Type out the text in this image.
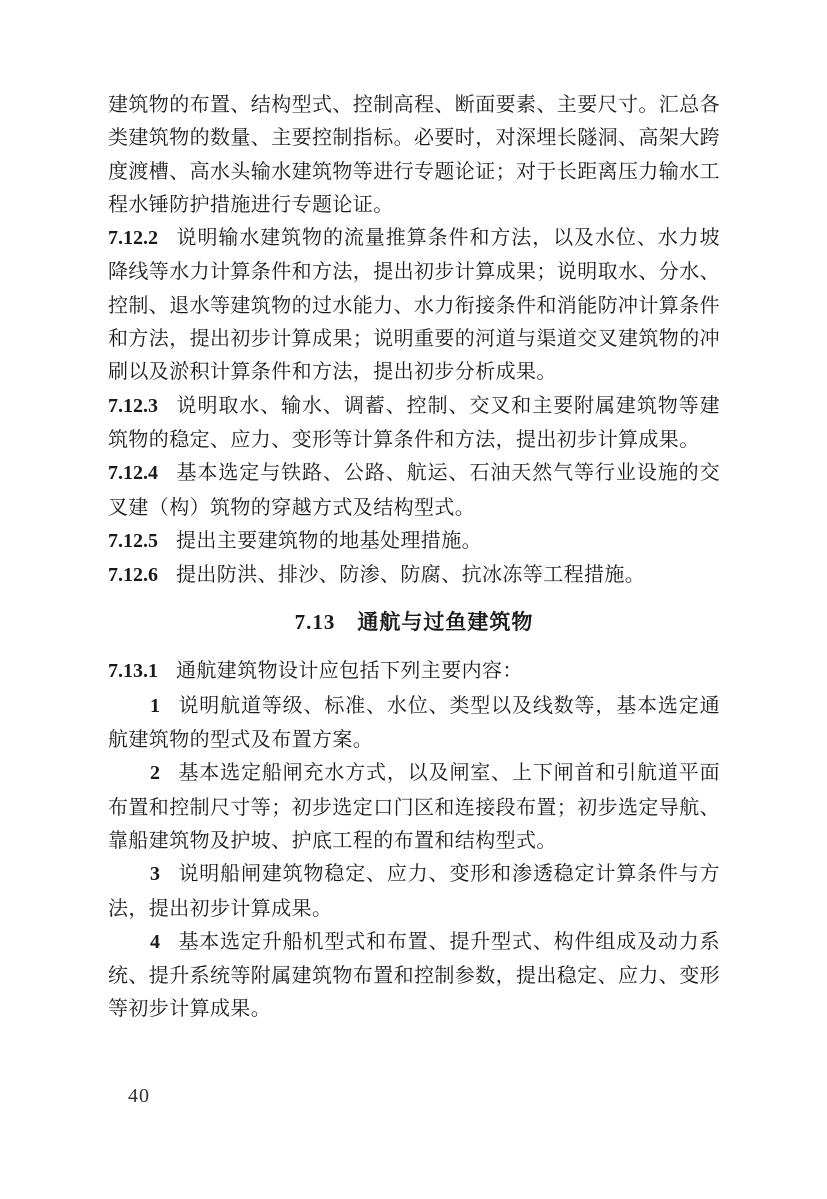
建筑物的布置、结构型式、控制高程、断面要素、主要尺寸。汇总各类建筑物的数量、主要控制指标。必要时，对深埋长隧洞、高架大跨度渡槽、高水头输水建筑物等进行专题论证；对于长距离压力输水工程水锤防护措施进行专题论证。

7.12.2 说明输水建筑物的流量推算条件和方法，以及水位、水力坡降线等水力计算条件和方法，提出初步计算成果；说明取水、分水、控制、退水等建筑物的过水能力、水力衔接条件和消能防冲计算条件和方法，提出初步计算成果；说明重要的河道与渠道交叉建筑物的冲刷以及淤积计算条件和方法，提出初步分析成果。

7.12.3 说明取水、输水、调蓄、控制、交叉和主要附属建筑物等建筑物的稳定、应力、变形等计算条件和方法，提出初步计算成果。

7.12.4 基本选定与铁路、公路、航运、石油天然气等行业设施的交叉建（构）筑物的穿越方式及结构型式。

7.12.5 提出主要建筑物的地基处理措施。

7.12.6 提出防洪、排沙、防渗、防腐、抗冰冻等工程措施。

7.13 通航与过鱼建筑物

7.13.1 通航建筑物设计应包括下列主要内容：

1 说明航道等级、标准、水位、类型以及线数等，基本选定通航建筑物的型式及布置方案。

2 基本选定船闸充水方式，以及闸室、上下闸首和引航道平面布置和控制尺寸等；初步选定口门区和连接段布置；初步选定导航、靠船建筑物及护坡、护底工程的布置和结构型式。

3 说明船闸建筑物稳定、应力、变形和渗透稳定计算条件与方法，提出初步计算成果。

4 基本选定升船机型式和布置、提升型式、构件组成及动力系统、提升系统等附属建筑物布置和控制参数，提出稳定、应力、变形等初步计算成果。

40
